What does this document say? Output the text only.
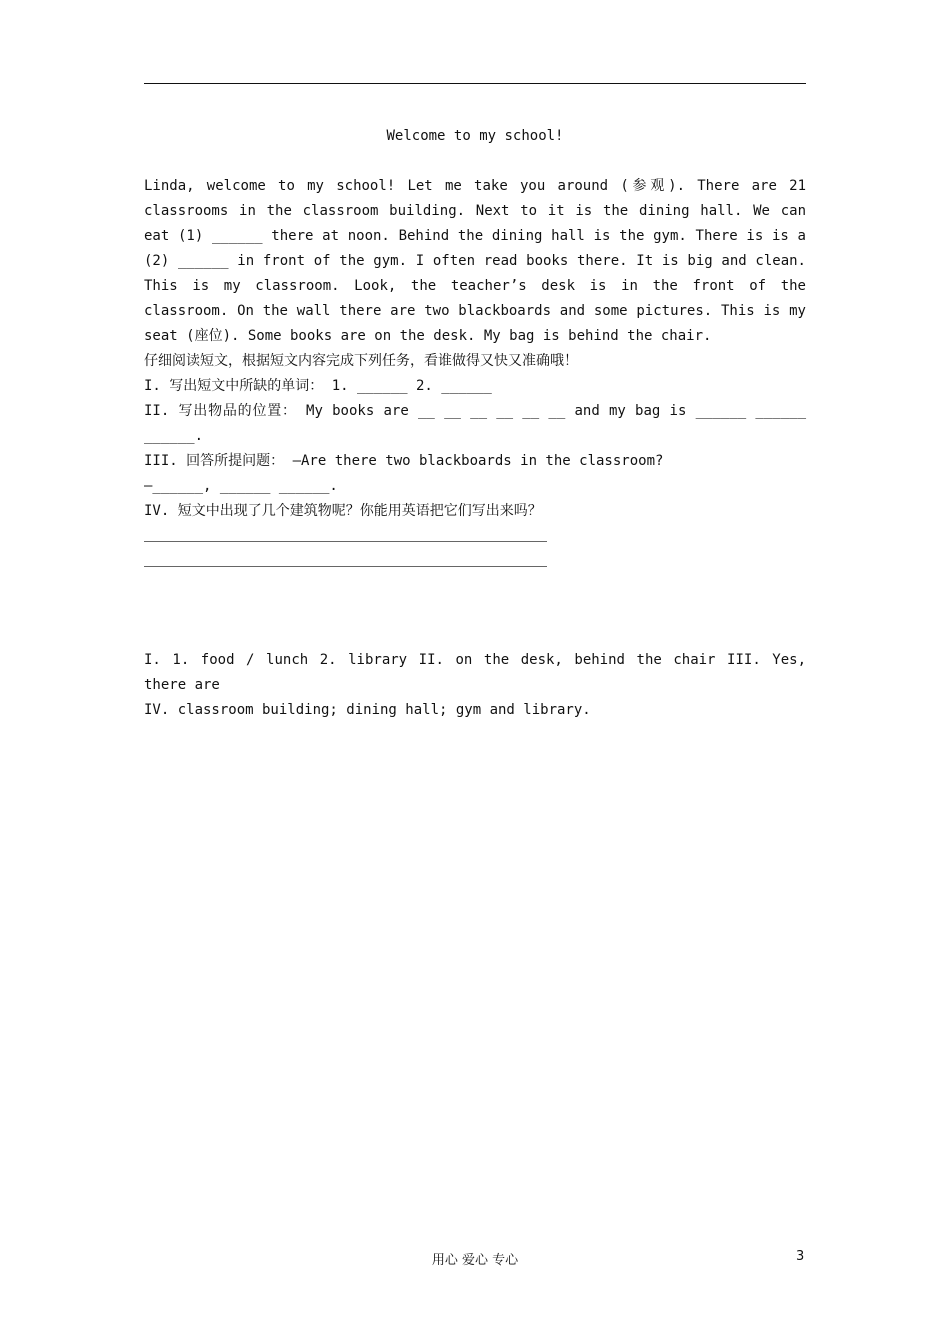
Welcome to my school!
Linda, welcome to my school! Let me take you around (参观). There are 21 classrooms in the classroom building. Next to it is the dining hall. We can eat (1) ______ there at noon. Behind the dining hall is the gym. There is is a (2) ______ in front of the gym. I often read books there. It is big and clean. This is my classroom. Look, the teacher’s desk is in the front of the classroom. On the wall there are two blackboards and some pictures. This is my seat (座位). Some books are on the desk. My bag is behind the chair.
仔细阅读短文，根据短文内容完成下列任务，看谁做得又快又准确哦！
I. 写出短文中所缺的单词： 1. ______ 2. ______
II. 写出物品的位置： My books are __ __ __ __ __ __ and my bag is ______ ______ ______.
III. 回答所提问题： —Are there two blackboards in the classroom?
—______, ______ ______.
IV. 短文中出现了几个建筑物呢？你能用英语把它们写出来吗？
I. 1. food / lunch 2. library II. on the desk, behind the chair III. Yes, there are
IV. classroom building; dining hall; gym and library.
用心 爱心 专心	3
